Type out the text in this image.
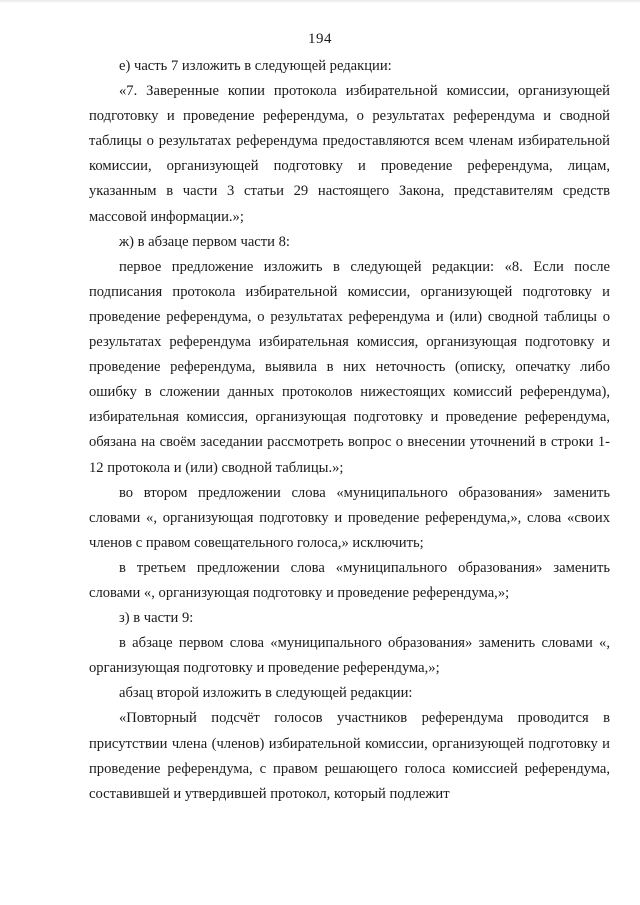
194

е) часть 7 изложить в следующей редакции:

«7. Заверенные копии протокола избирательной комиссии, организующей подготовку и проведение референдума, о результатах референдума и сводной таблицы о результатах референдума предоставляются всем членам избирательной комиссии, организующей подготовку и проведение референдума, лицам, указанным в части 3 статьи 29 настоящего Закона, представителям средств массовой информации.»;

ж) в абзаце первом части 8:

первое предложение изложить в следующей редакции: «8. Если после подписания протокола избирательной комиссии, организующей подготовку и проведение референдума, о результатах референдума и (или) сводной таблицы о результатах референдума избирательная комиссия, организующая подготовку и проведение референдума, выявила в них неточность (описку, опечатку либо ошибку в сложении данных протоколов нижестоящих комиссий референдума), избирательная комиссия, организующая подготовку и проведение референдума, обязана на своём заседании рассмотреть вопрос о внесении уточнений в строки 1-12 протокола и (или) сводной таблицы.»;

во втором предложении слова «муниципального образования» заменить словами «, организующая подготовку и проведение референдума,», слова «своих членов с правом совещательного голоса,» исключить;

в третьем предложении слова «муниципального образования» заменить словами «, организующая подготовку и проведение референдума,»;

з) в части 9:

в абзаце первом слова «муниципального образования» заменить словами «, организующая подготовку и проведение референдума,»;

абзац второй изложить в следующей редакции:

«Повторный подсчёт голосов участников референдума проводится в присутствии члена (членов) избирательной комиссии, организующей подготовку и проведение референдума, с правом решающего голоса комиссией референдума, составившей и утвердившей протокол, который подлежит
